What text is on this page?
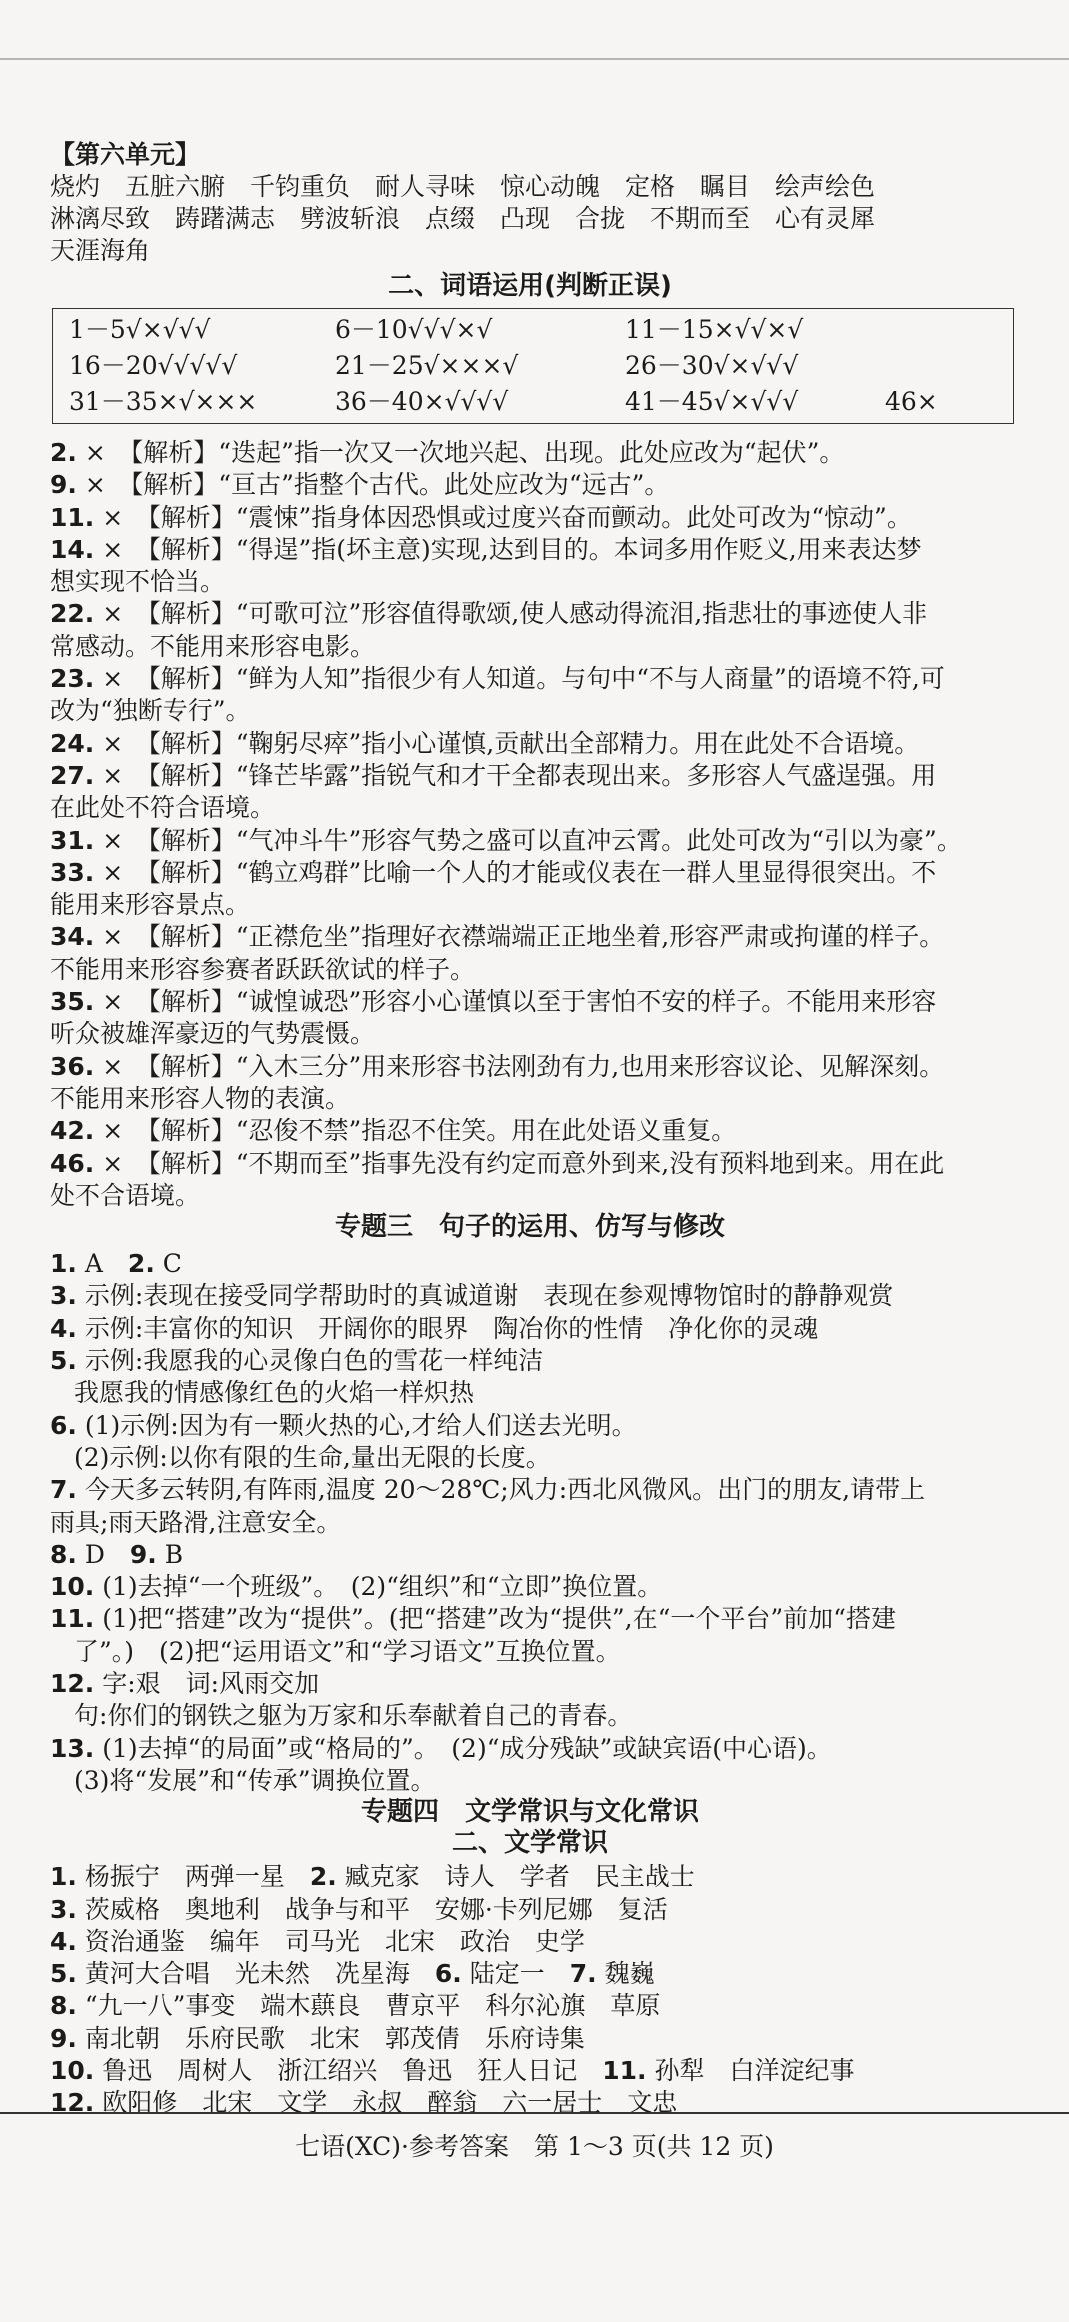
【第六单元】
烧灼　五脏六腑　千钧重负　耐人寻味　惊心动魄　定格　瞩目　绘声绘色
淋漓尽致　踌躇满志　劈波斩浪　点缀　凸现　合拢　不期而至　心有灵犀
天涯海角
二、词语运用(判断正误)
1－5√×√√√	6－10√√√×√	11－15×√√×√
16－20√√√√√	21－25√×××√	26－30√×√√√
31－35×√×××	36－40×√√√√	41－45√×√√√	46×
2. ×　【解析】“迭起”指一次又一次地兴起、出现。此处应改为“起伏”。
9. ×　【解析】“亘古”指整个古代。此处应改为“远古”。
11. ×　【解析】“震悚”指身体因恐惧或过度兴奋而颤动。此处可改为“惊动”。
14. ×　【解析】“得逞”指(坏主意)实现,达到目的。本词多用作贬义,用来表达梦
想实现不恰当。
22. ×　【解析】“可歌可泣”形容值得歌颂,使人感动得流泪,指悲壮的事迹使人非
常感动。不能用来形容电影。
23. ×　【解析】“鲜为人知”指很少有人知道。与句中“不与人商量”的语境不符,可
改为“独断专行”。
24. ×　【解析】“鞠躬尽瘁”指小心谨慎,贡献出全部精力。用在此处不合语境。
27. ×　【解析】“锋芒毕露”指锐气和才干全都表现出来。多形容人气盛逞强。用
在此处不符合语境。
31. ×　【解析】“气冲斗牛”形容气势之盛可以直冲云霄。此处可改为“引以为豪”。
33. ×　【解析】“鹤立鸡群”比喻一个人的才能或仪表在一群人里显得很突出。不
能用来形容景点。
34. ×　【解析】“正襟危坐”指理好衣襟端端正正地坐着,形容严肃或拘谨的样子。
不能用来形容参赛者跃跃欲试的样子。
35. ×　【解析】“诚惶诚恐”形容小心谨慎以至于害怕不安的样子。不能用来形容
听众被雄浑豪迈的气势震慑。
36. ×　【解析】“入木三分”用来形容书法刚劲有力,也用来形容议论、见解深刻。
不能用来形容人物的表演。
42. ×　【解析】“忍俊不禁”指忍不住笑。用在此处语义重复。
46. ×　【解析】“不期而至”指事先没有约定而意外到来,没有预料地到来。用在此
处不合语境。
专题三　句子的运用、仿写与修改
1. A　2. C
3. 示例:表现在接受同学帮助时的真诚道谢　表现在参观博物馆时的静静观赏
4. 示例:丰富你的知识　开阔你的眼界　陶冶你的性情　净化你的灵魂
5. 示例:我愿我的心灵像白色的雪花一样纯洁
我愿我的情感像红色的火焰一样炽热
6. (1)示例:因为有一颗火热的心,才给人们送去光明。
(2)示例:以你有限的生命,量出无限的长度。
7. 今天多云转阴,有阵雨,温度 20～28℃;风力:西北风微风。出门的朋友,请带上
雨具;雨天路滑,注意安全。
8. D　9. B
10. (1)去掉“一个班级”。　(2)“组织”和“立即”换位置。
11. (1)把“搭建”改为“提供”。(把“搭建”改为“提供”,在“一个平台”前加“搭建
了”。)　(2)把“运用语文”和“学习语文”互换位置。
12. 字:艰　词:风雨交加
句:你们的钢铁之躯为万家和乐奉献着自己的青春。
13. (1)去掉“的局面”或“格局的”。　(2)“成分残缺”或缺宾语(中心语)。
(3)将“发展”和“传承”调换位置。
专题四　文学常识与文化常识
二、文学常识
1. 杨振宁　两弹一星　2. 臧克家　诗人　学者　民主战士
3. 茨威格　奥地利　战争与和平　安娜·卡列尼娜　复活
4. 资治通鉴　编年　司马光　北宋　政治　史学
5. 黄河大合唱　光未然　冼星海　6. 陆定一　7. 魏巍
8. “九一八”事变　端木蕻良　曹京平　科尔沁旗　草原
9. 南北朝　乐府民歌　北宋　郭茂倩　乐府诗集
10. 鲁迅　周树人　浙江绍兴　鲁迅　狂人日记　11. 孙犁　白洋淀纪事
12. 欧阳修　北宋　文学　永叔　醉翁　六一居士　文忠
七语(XC)·参考答案　第 1～3 页(共 12 页)
